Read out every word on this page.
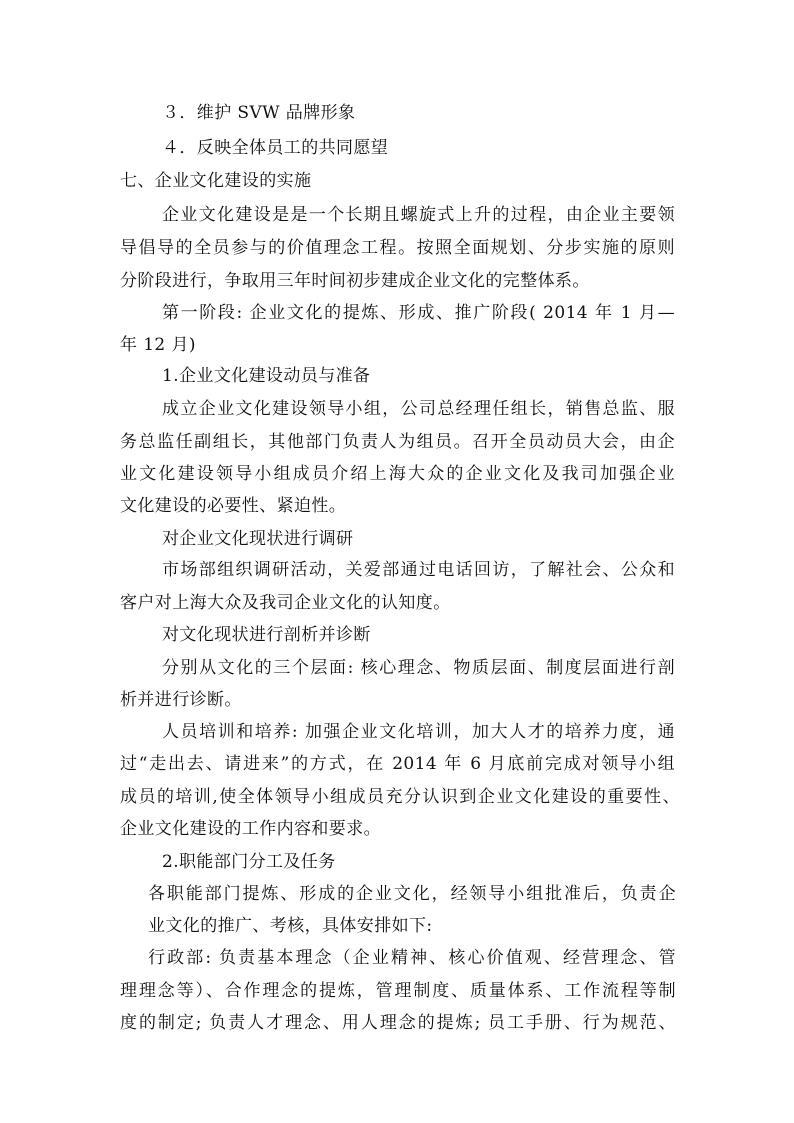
３．维护 SVW 品牌形象

４．反映全体员工的共同愿望

七、企业文化建设的实施

企业文化建设是是一个长期且螺旋式上升的过程，由企业主要领

导倡导的全员参与的价值理念工程。按照全面规划、分步实施的原则

分阶段进行，争取用三年时间初步建成企业文化的完整体系。

第一阶段: 企业文化的提炼、形成、推广阶段( 2014 年 1 月—

年 12 月)

1.企业文化建设动员与准备

成立企业文化建设领导小组，公司总经理任组长，销售总监、服

务总监任副组长，其他部门负责人为组员。召开全员动员大会，由企

业文化建设领导小组成员介绍上海大众的企业文化及我司加强企业

文化建设的必要性、紧迫性。

对企业文化现状进行调研

市场部组织调研活动，关爱部通过电话回访，了解社会、公众和

客户对上海大众及我司企业文化的认知度。

对文化现状进行剖析并诊断

分别从文化的三个层面: 核心理念、物质层面、制度层面进行剖

析并进行诊断。

人员培训和培养: 加强企业文化培训，加大人才的培养力度，通

过“走出去、请进来”的方式，在 2014 年 6 月底前完成对领导小组

成员的培训,使全体领导小组成员充分认识到企业文化建设的重要性、

企业文化建设的工作内容和要求。

2.职能部门分工及任务

各职能部门提炼、形成的企业文化，经领导小组批准后，负责企

业文化的推广、考核，具体安排如下:

行政部: 负责基本理念（企业精神、核心价值观、经营理念、管

理理念等）、合作理念的提炼，管理制度、质量体系、工作流程等制

度的制定; 负责人才理念、用人理念的提炼; 员工手册、行为规范、
